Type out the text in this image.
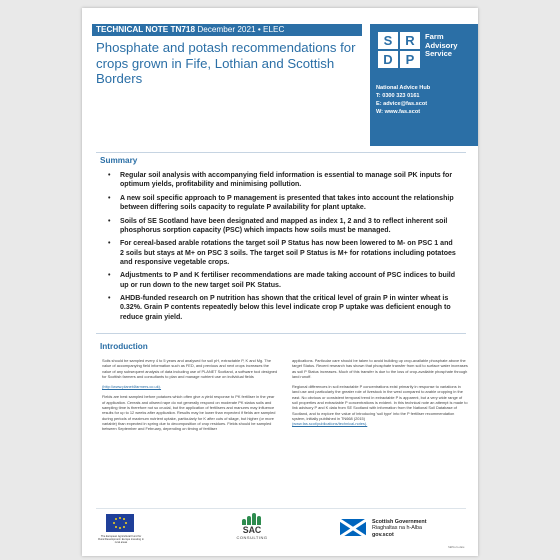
TECHNICAL NOTE TN718 December 2021 • ELEC
Phosphate and potash recommendations for crops grown in Fife, Lothian and Scottish Borders
S R
D P
Farm
Advisory
Service
National Advice Hub
T: 0300 323 0161
E: advice@fas.scot
W: www.fas.scot
Summary
• Regular soil analysis with accompanying field information is essential to manage soil PK inputs for optimum yields, profitability and minimising pollution.
• A new soil specific approach to P management is presented that takes into account the relationship between differing soils capacity to regulate P availability for plant uptake.
• Soils of SE Scotland have been designated and mapped as index 1, 2 and 3 to reflect inherent soil phosphorus sorption capacity (PSC) which impacts how soils must be managed.
• For cereal-based arable rotations the target soil P Status has now been lowered to M- on PSC 1 and 2 soils but stays at M+ on PSC 3 soils. The target soil P Status is M+ for rotations including potatoes and responsive vegetable crops.
• Adjustments to P and K fertiliser recommendations are made taking account of PSC indices to build up or run down to the new target soil PK Status.
• AHDB-funded research on P nutrition has shown that the critical level of grain P in winter wheat is 0.32%. Grain P contents repeatedly below this level indicate crop P uptake was deficient enough to reduce grain yield.
Introduction

Soils should be sampled every 4 to 5 years and analysed for soil pH, extractable P, K and Mg. The value of accompanying field information such as FED, and previous and next crops increases the value of any subsequent analysis of data including use of PLANET Scotland, a software tool designed for Scottish farmers and consultants to plan and manage nutrient use on individual fields

(http://www.planet4farmers.co.uk).

Fields are best sampled before potatoes which often give a yield response to PK fertiliser in the year of application. Cereals and oilseed rape do not generally respond on moderate PK status soils and sampling time is therefore not so crucial, but the application of fertilisers and manures may influence results for up to 12 weeks after application. Results may be lower than expected if fields are sampled during periods of maximum nutrient uptake, particularly for K after cuts of silage, but higher (or more variable) than expected in spring due to decomposition of crop residues. Fields should be sampled between September and February, depending on timing of fertiliser

applications. Particular care should be taken to avoid building up crop-available phosphate above the target Status. Recent research has shown that phosphate transfer from soil to surface water increases as soil P Status increases. Much of this transfer is due to the loss of crop-available phosphate through land runoff.

Regional differences in soil extractable P concentrations exist primarily in response to variations in land use and particularly the greater role of livestock in the west compared to arable cropping in the east. No obvious or consistent temporal trend in extractable P is apparent, but a very wide range of soil properties and extractable P concentrations is evident. In this technical note an attempt is made to link advisory P and K data from SE Scotland with information from the National Soil Database of Scotland, and to explore the value of introducing 'soil type' into the P fertiliser recommendation system, initially published in TN668 (2015)

(www.fas.scot/publications/technical-notes).

The European Agricultural Fund for Rural Development: Europe investing in rural areas
SAC
CONSULTING
Scottish Government
Riaghaltas na h-Alba
gov.scot
SEPA-rio-date
